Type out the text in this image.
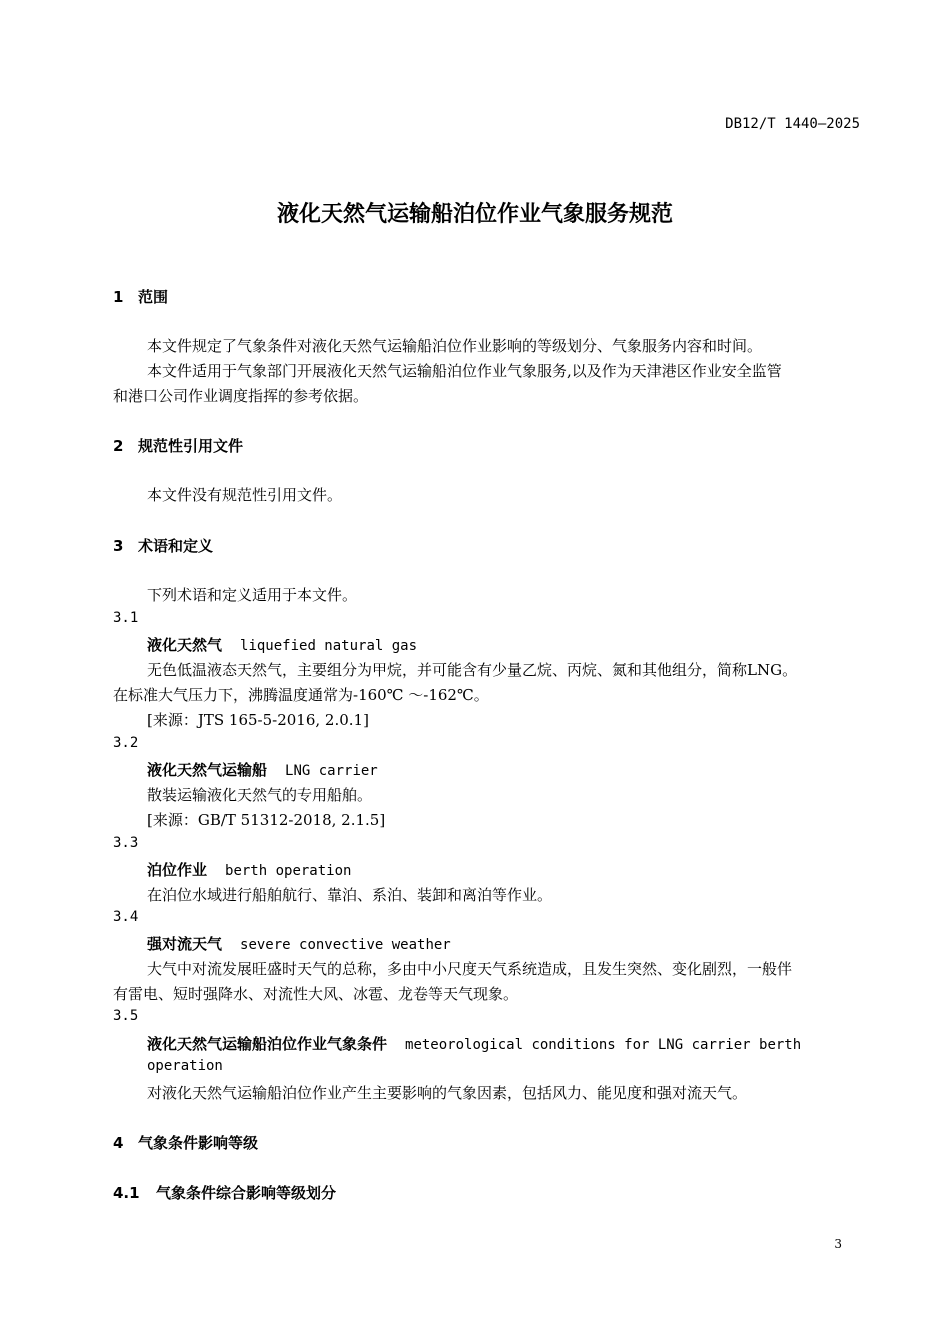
DB12/T 1440—2025
液化天然气运输船泊位作业气象服务规范
1 范围
本文件规定了气象条件对液化天然气运输船泊位作业影响的等级划分、气象服务内容和时间。
本文件适用于气象部门开展液化天然气运输船泊位作业气象服务,以及作为天津港区作业安全监管
和港口公司作业调度指挥的参考依据。
2 规范性引用文件
本文件没有规范性引用文件。
3 术语和定义
下列术语和定义适用于本文件。
3.1
液化天然气 liquefied natural gas
无色低温液态天然气，主要组分为甲烷，并可能含有少量乙烷、丙烷、氮和其他组分，简称LNG。
在标准大气压力下，沸腾温度通常为-160℃ ～-162℃。
[来源：JTS 165-5-2016, 2.0.1]
3.2
液化天然气运输船 LNG carrier
散装运输液化天然气的专用船舶。
[来源：GB/T 51312-2018, 2.1.5]
3.3
泊位作业 berth operation
在泊位水域进行船舶航行、靠泊、系泊、装卸和离泊等作业。
3.4
强对流天气 severe convective weather
大气中对流发展旺盛时天气的总称，多由中小尺度天气系统造成，且发生突然、变化剧烈，一般伴
有雷电、短时强降水、对流性大风、冰雹、龙卷等天气现象。
3.5
液化天然气运输船泊位作业气象条件 meteorological conditions for LNG carrier berth
operation
对液化天然气运输船泊位作业产生主要影响的气象因素，包括风力、能见度和强对流天气。
4 气象条件影响等级
4.1 气象条件综合影响等级划分
3
